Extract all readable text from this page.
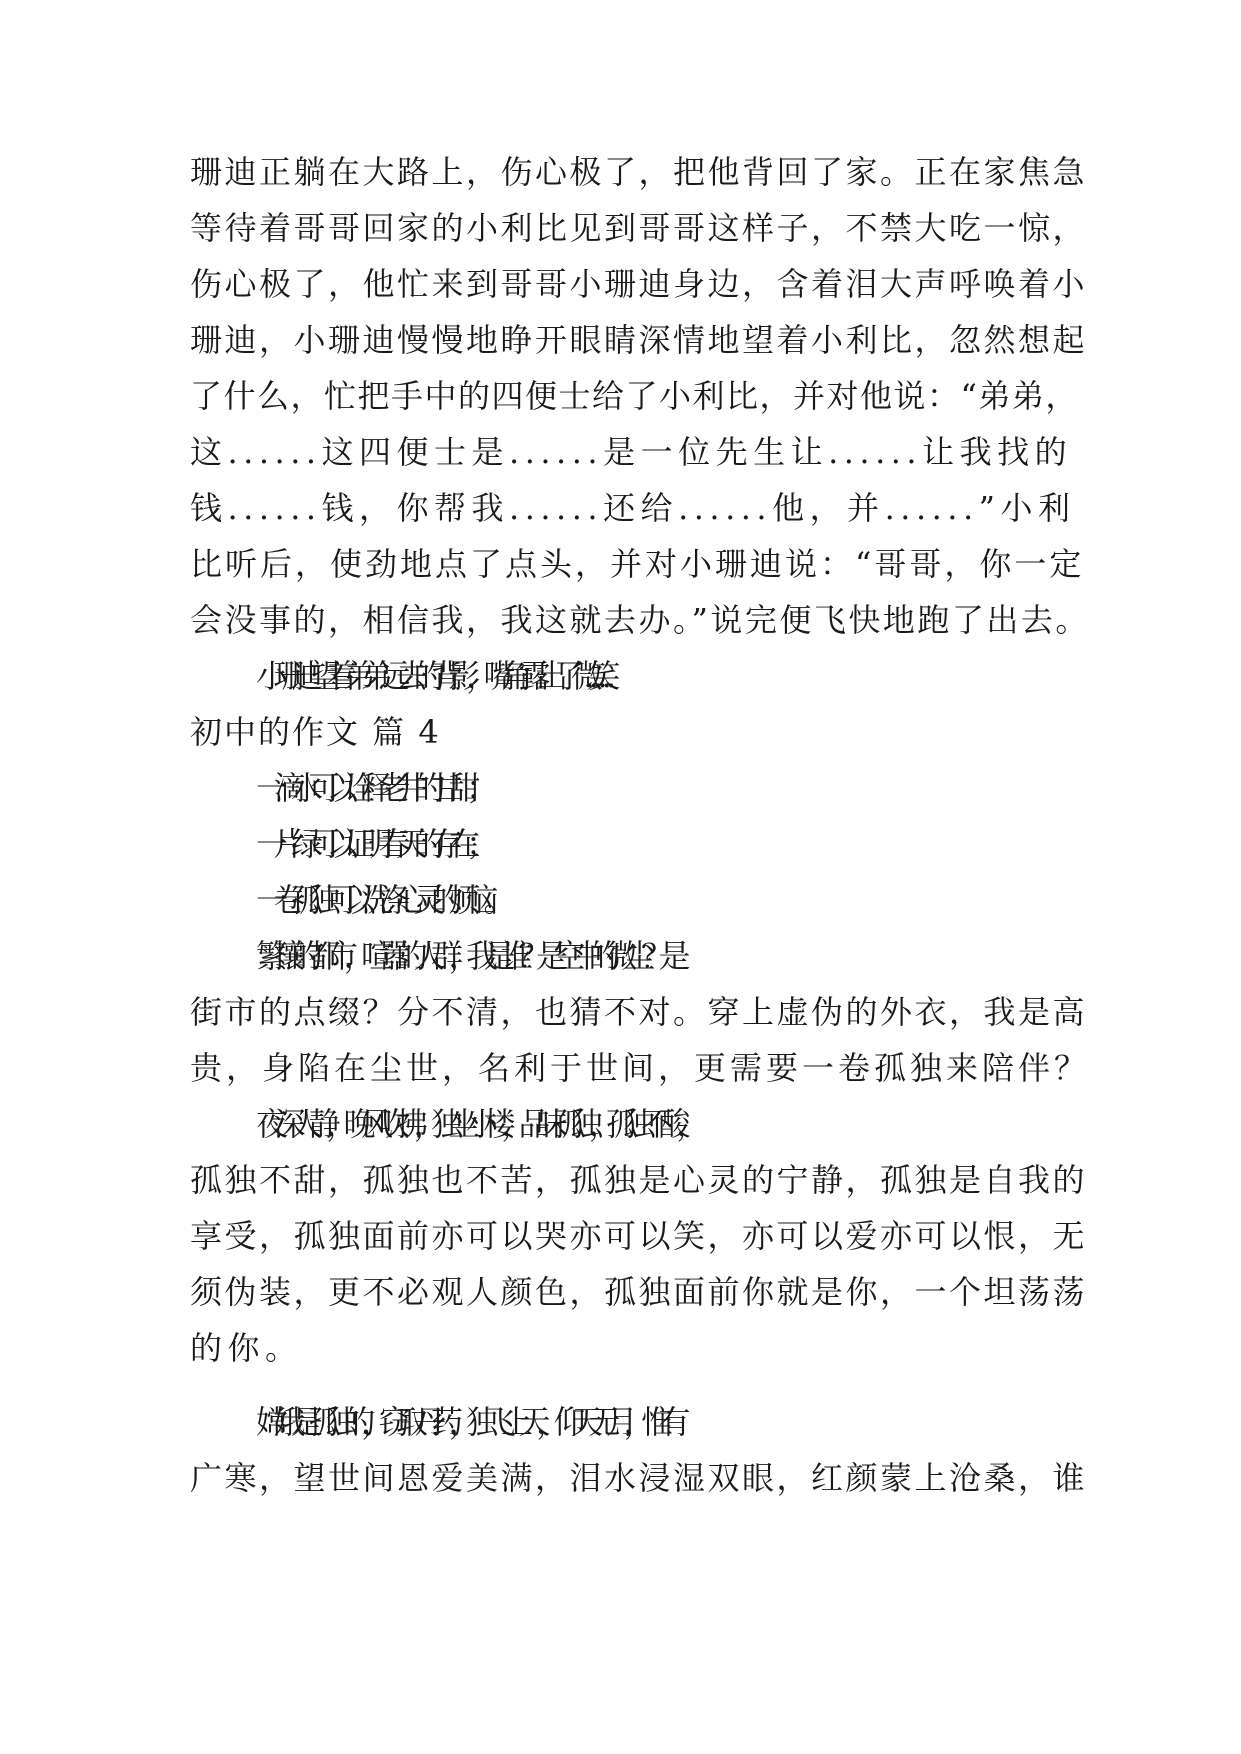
珊迪正躺在大路上，伤心极了，把他背回了家。正在家焦急
等待着哥哥回家的小利比见到哥哥这样子，不禁大吃一惊，
伤心极了，他忙来到哥哥小珊迪身边，含着泪大声呼唤着小
珊迪，小珊迪慢慢地睁开眼睛深情地望着小利比，忽然想起
了什么，忙把手中的四便士给了小利比，并对他说：“弟弟，
这......这四便士是......是一位先生让......让我找的
钱......钱，你帮我......还给......他，并......”小利
比听后，使劲地点了点头，并对小珊迪说：“哥哥，你一定
会没事的，相信我，我这就去办。”说完便飞快地跑了出去。
小珊迪望着弟弟远去的背影，嘴角露出了微笑......
初中的作文 篇 4
一滴水可以诠释老井的甘甜；
一片绿可以证明春天的存在；
一卷孤独可以洗涤心灵的烦恼。
繁攘的都市，喧嚣的人群，我是谁？是空中的微尘？是
街市的点缀？分不清，也猜不对。穿上虚伪的外衣，我是高
贵，身陷在尘世，名利于世间，更需要一卷孤独来陪伴？
夜深人静，晚风吹拂，独坐小楼，品味孤独，孤独不酸，
孤独不甜，孤独也不苦，孤独是心灵的宁静，孤独是自我的
享受，孤独面前亦可以哭亦可以笑，亦可以爱亦可以恨，无
须伪装，更不必观人颜色，孤独面前你就是你，一个坦荡荡
的你。
嫦娥是孤独的，窃取丹药，独飞上天，仰天无月，惟有
广寒，望世间恩爱美满，泪水浸湿双眼，红颜蒙上沧桑，谁
